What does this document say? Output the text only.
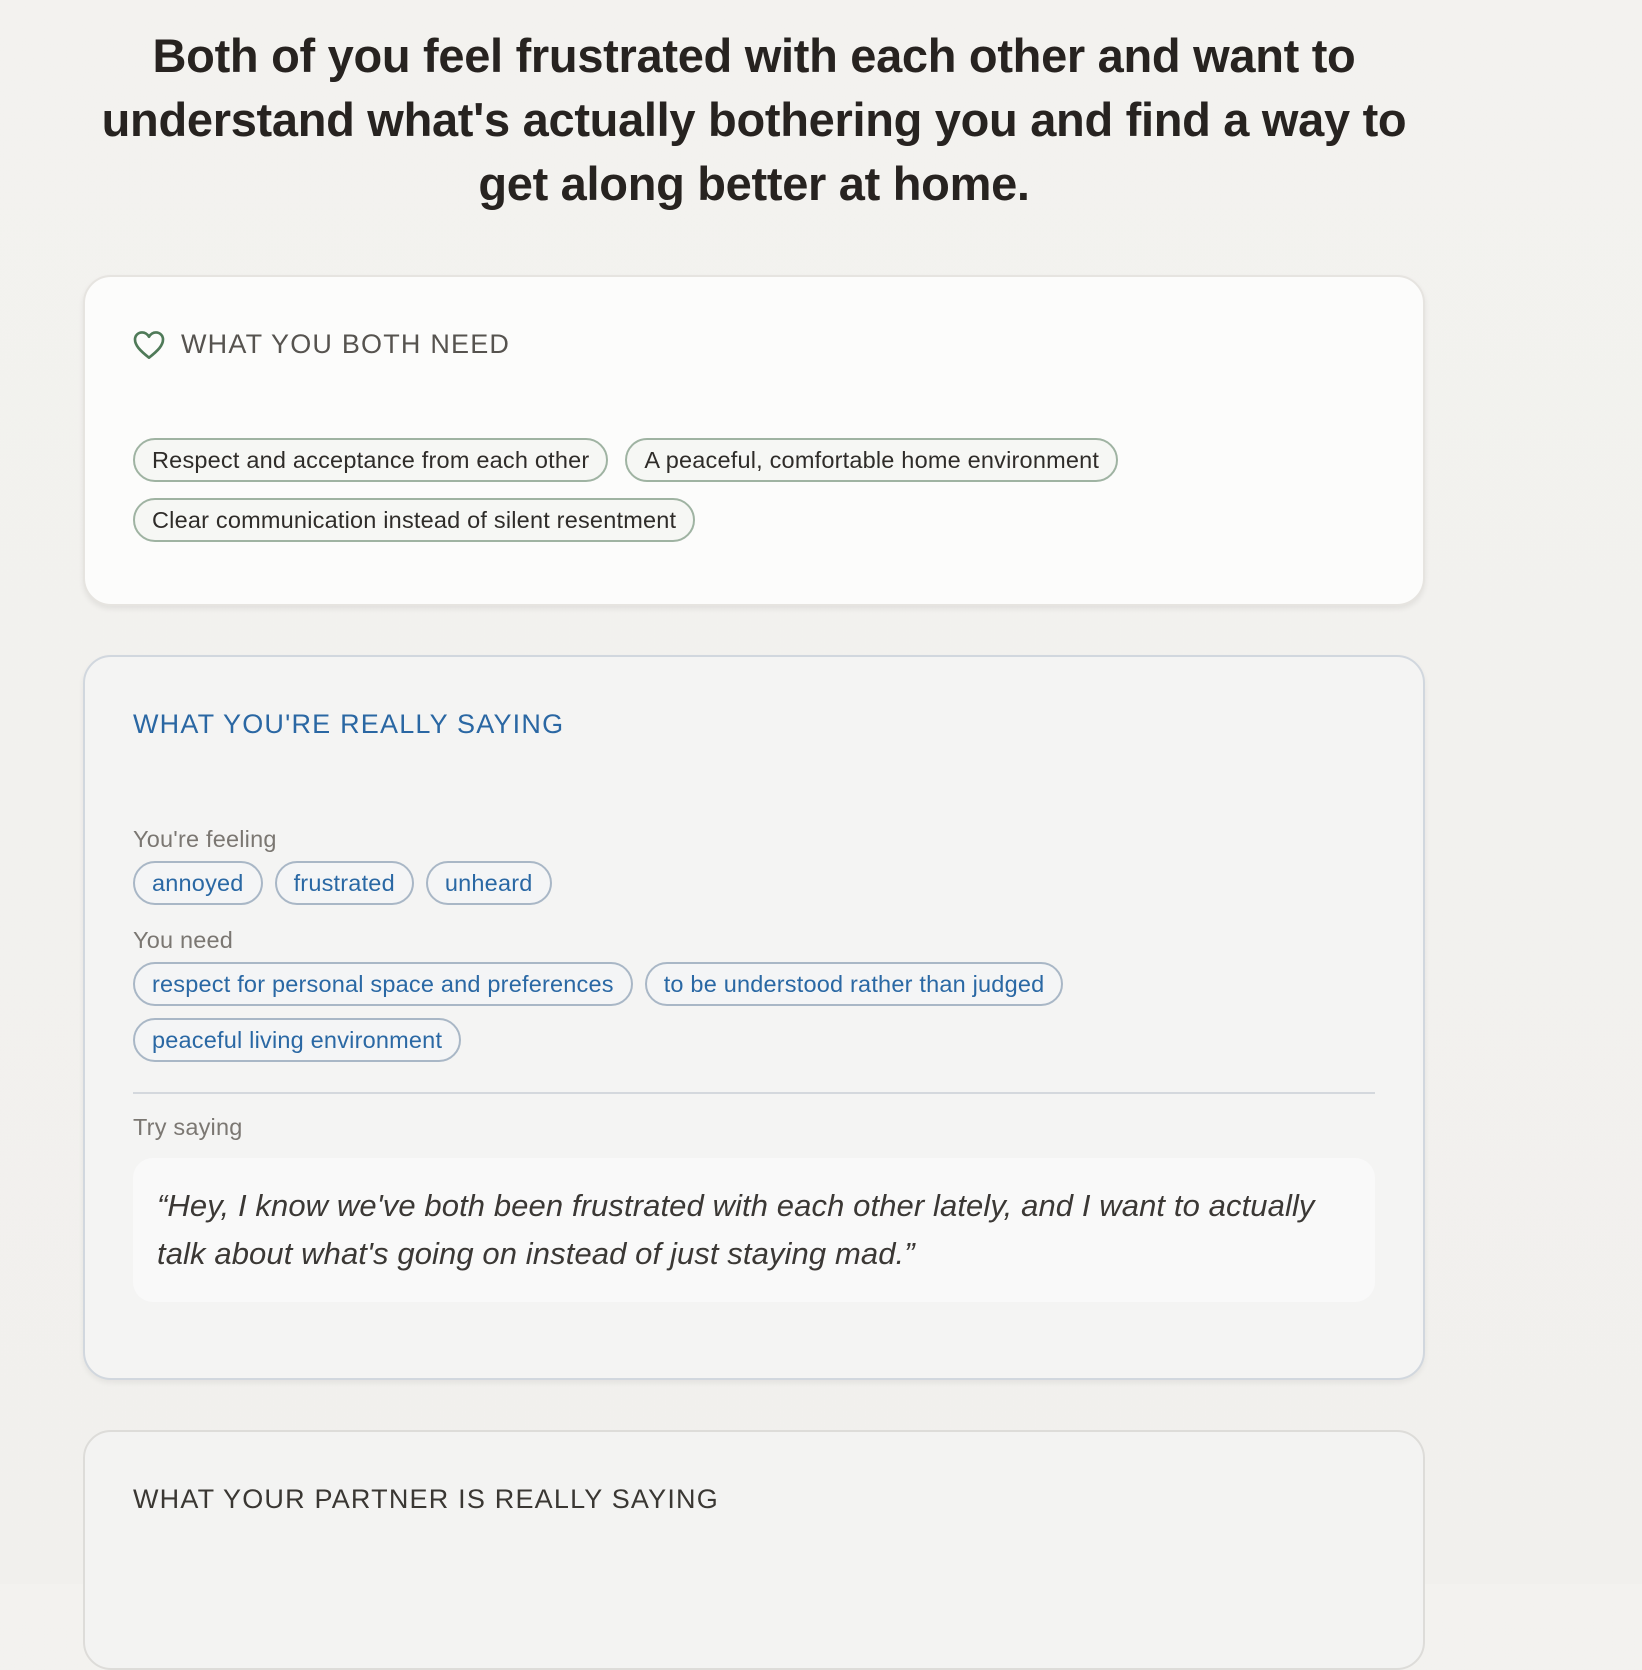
Both of you feel frustrated with each other and want to understand what's actually bothering you and find a way to get along better at home.
WHAT YOU BOTH NEED
Respect and acceptance from each other	A peaceful, comfortable home environment
Clear communication instead of silent resentment
WHAT YOU'RE REALLY SAYING
You're feeling
annoyed	frustrated	unheard
You need
respect for personal space and preferences	to be understood rather than judged
peaceful living environment
Try saying
“Hey, I know we've both been frustrated with each other lately, and I want to actually talk about what's going on instead of just staying mad.”
WHAT YOUR PARTNER IS REALLY SAYING
